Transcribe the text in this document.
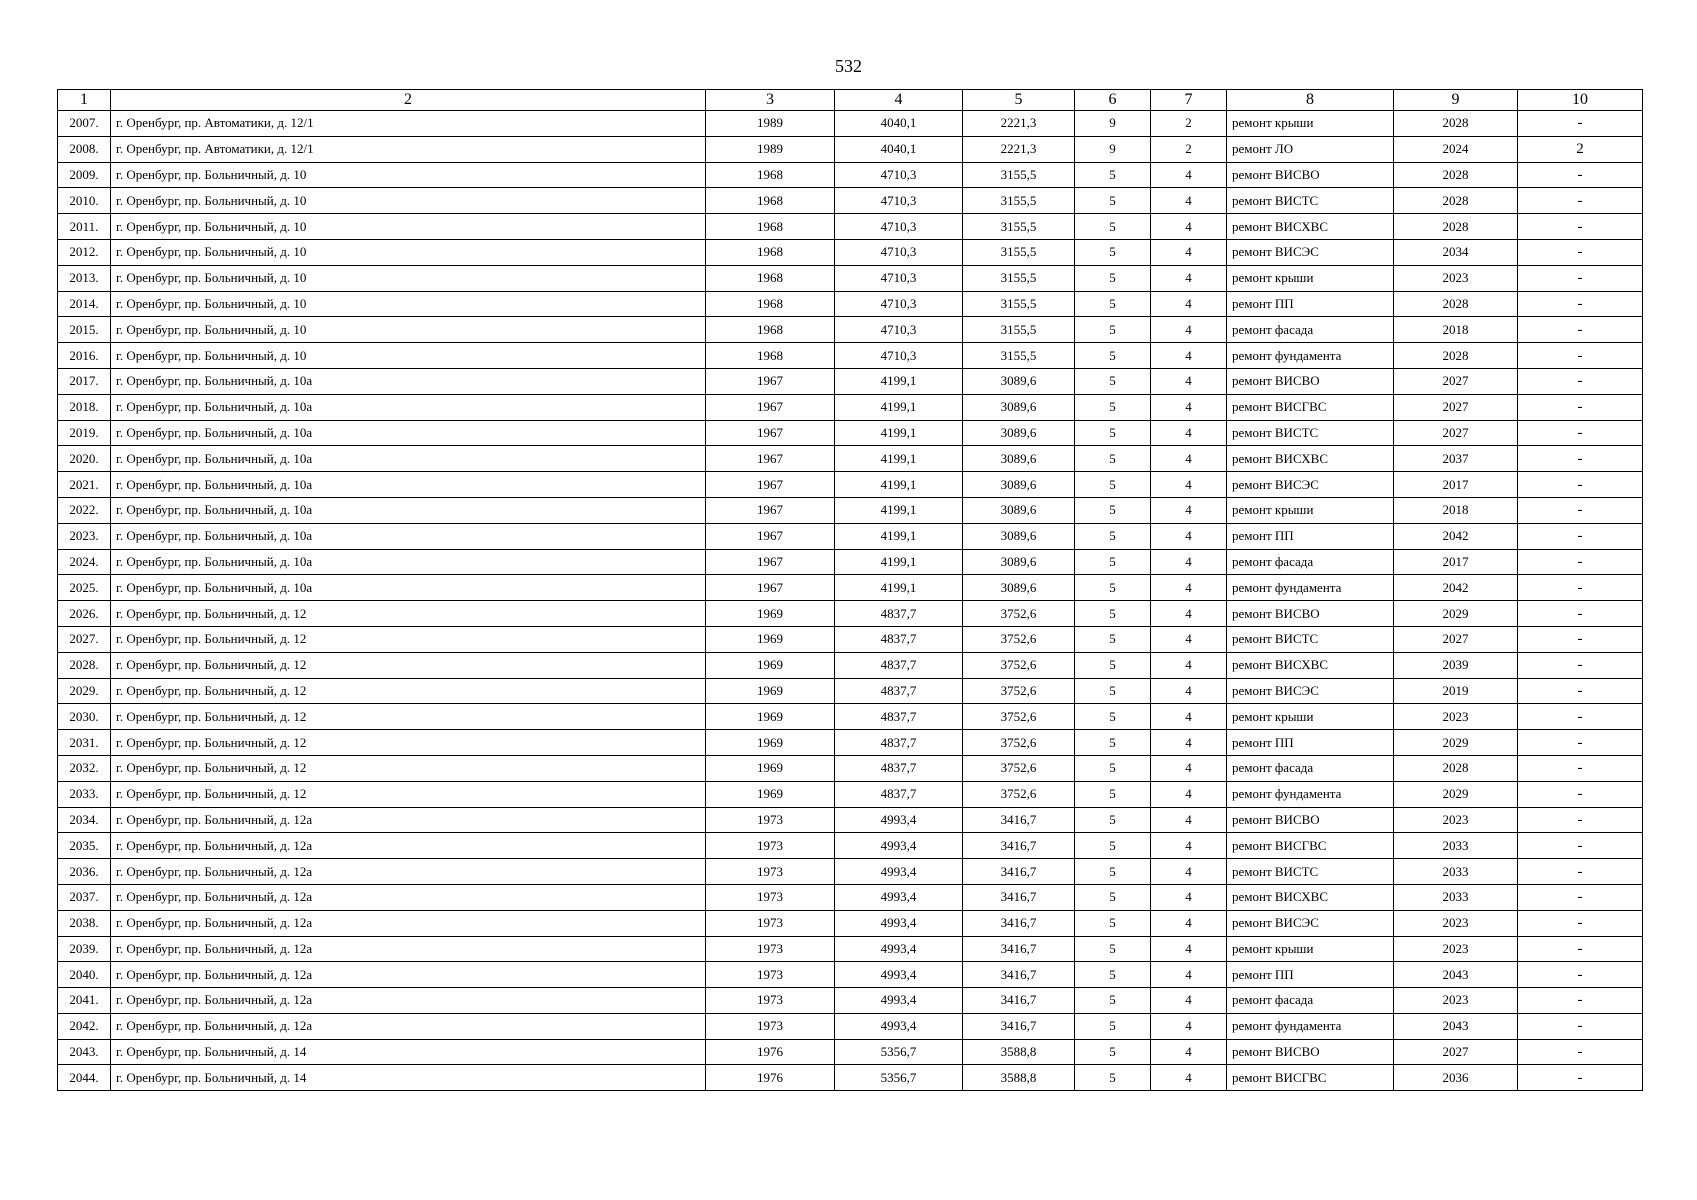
532
1	2	3	4	5	6	7	8	9	10
2007.	г. Оренбург, пр. Автоматики, д. 12/1	1989	4040,1	2221,3	9	2	ремонт крыши	2028	-
2008.	г. Оренбург, пр. Автоматики, д. 12/1	1989	4040,1	2221,3	9	2	ремонт ЛО	2024	2
2009.	г. Оренбург, пр. Больничный, д. 10	1968	4710,3	3155,5	5	4	ремонт ВИСВО	2028	-
2010.	г. Оренбург, пр. Больничный, д. 10	1968	4710,3	3155,5	5	4	ремонт ВИСТС	2028	-
2011.	г. Оренбург, пр. Больничный, д. 10	1968	4710,3	3155,5	5	4	ремонт ВИСХВС	2028	-
2012.	г. Оренбург, пр. Больничный, д. 10	1968	4710,3	3155,5	5	4	ремонт ВИСЭС	2034	-
2013.	г. Оренбург, пр. Больничный, д. 10	1968	4710,3	3155,5	5	4	ремонт крыши	2023	-
2014.	г. Оренбург, пр. Больничный, д. 10	1968	4710,3	3155,5	5	4	ремонт ПП	2028	-
2015.	г. Оренбург, пр. Больничный, д. 10	1968	4710,3	3155,5	5	4	ремонт фасада	2018	-
2016.	г. Оренбург, пр. Больничный, д. 10	1968	4710,3	3155,5	5	4	ремонт фундамента	2028	-
2017.	г. Оренбург, пр. Больничный, д. 10а	1967	4199,1	3089,6	5	4	ремонт ВИСВО	2027	-
2018.	г. Оренбург, пр. Больничный, д. 10а	1967	4199,1	3089,6	5	4	ремонт ВИСГВС	2027	-
2019.	г. Оренбург, пр. Больничный, д. 10а	1967	4199,1	3089,6	5	4	ремонт ВИСТС	2027	-
2020.	г. Оренбург, пр. Больничный, д. 10а	1967	4199,1	3089,6	5	4	ремонт ВИСХВС	2037	-
2021.	г. Оренбург, пр. Больничный, д. 10а	1967	4199,1	3089,6	5	4	ремонт ВИСЭС	2017	-
2022.	г. Оренбург, пр. Больничный, д. 10а	1967	4199,1	3089,6	5	4	ремонт крыши	2018	-
2023.	г. Оренбург, пр. Больничный, д. 10а	1967	4199,1	3089,6	5	4	ремонт ПП	2042	-
2024.	г. Оренбург, пр. Больничный, д. 10а	1967	4199,1	3089,6	5	4	ремонт фасада	2017	-
2025.	г. Оренбург, пр. Больничный, д. 10а	1967	4199,1	3089,6	5	4	ремонт фундамента	2042	-
2026.	г. Оренбург, пр. Больничный, д. 12	1969	4837,7	3752,6	5	4	ремонт ВИСВО	2029	-
2027.	г. Оренбург, пр. Больничный, д. 12	1969	4837,7	3752,6	5	4	ремонт ВИСТС	2027	-
2028.	г. Оренбург, пр. Больничный, д. 12	1969	4837,7	3752,6	5	4	ремонт ВИСХВС	2039	-
2029.	г. Оренбург, пр. Больничный, д. 12	1969	4837,7	3752,6	5	4	ремонт ВИСЭС	2019	-
2030.	г. Оренбург, пр. Больничный, д. 12	1969	4837,7	3752,6	5	4	ремонт крыши	2023	-
2031.	г. Оренбург, пр. Больничный, д. 12	1969	4837,7	3752,6	5	4	ремонт ПП	2029	-
2032.	г. Оренбург, пр. Больничный, д. 12	1969	4837,7	3752,6	5	4	ремонт фасада	2028	-
2033.	г. Оренбург, пр. Больничный, д. 12	1969	4837,7	3752,6	5	4	ремонт фундамента	2029	-
2034.	г. Оренбург, пр. Больничный, д. 12а	1973	4993,4	3416,7	5	4	ремонт ВИСВО	2023	-
2035.	г. Оренбург, пр. Больничный, д. 12а	1973	4993,4	3416,7	5	4	ремонт ВИСГВС	2033	-
2036.	г. Оренбург, пр. Больничный, д. 12а	1973	4993,4	3416,7	5	4	ремонт ВИСТС	2033	-
2037.	г. Оренбург, пр. Больничный, д. 12а	1973	4993,4	3416,7	5	4	ремонт ВИСХВС	2033	-
2038.	г. Оренбург, пр. Больничный, д. 12а	1973	4993,4	3416,7	5	4	ремонт ВИСЭС	2023	-
2039.	г. Оренбург, пр. Больничный, д. 12а	1973	4993,4	3416,7	5	4	ремонт крыши	2023	-
2040.	г. Оренбург, пр. Больничный, д. 12а	1973	4993,4	3416,7	5	4	ремонт ПП	2043	-
2041.	г. Оренбург, пр. Больничный, д. 12а	1973	4993,4	3416,7	5	4	ремонт фасада	2023	-
2042.	г. Оренбург, пр. Больничный, д. 12а	1973	4993,4	3416,7	5	4	ремонт фундамента	2043	-
2043.	г. Оренбург, пр. Больничный, д. 14	1976	5356,7	3588,8	5	4	ремонт ВИСВО	2027	-
2044.	г. Оренбург, пр. Больничный, д. 14	1976	5356,7	3588,8	5	4	ремонт ВИСГВС	2036	-
